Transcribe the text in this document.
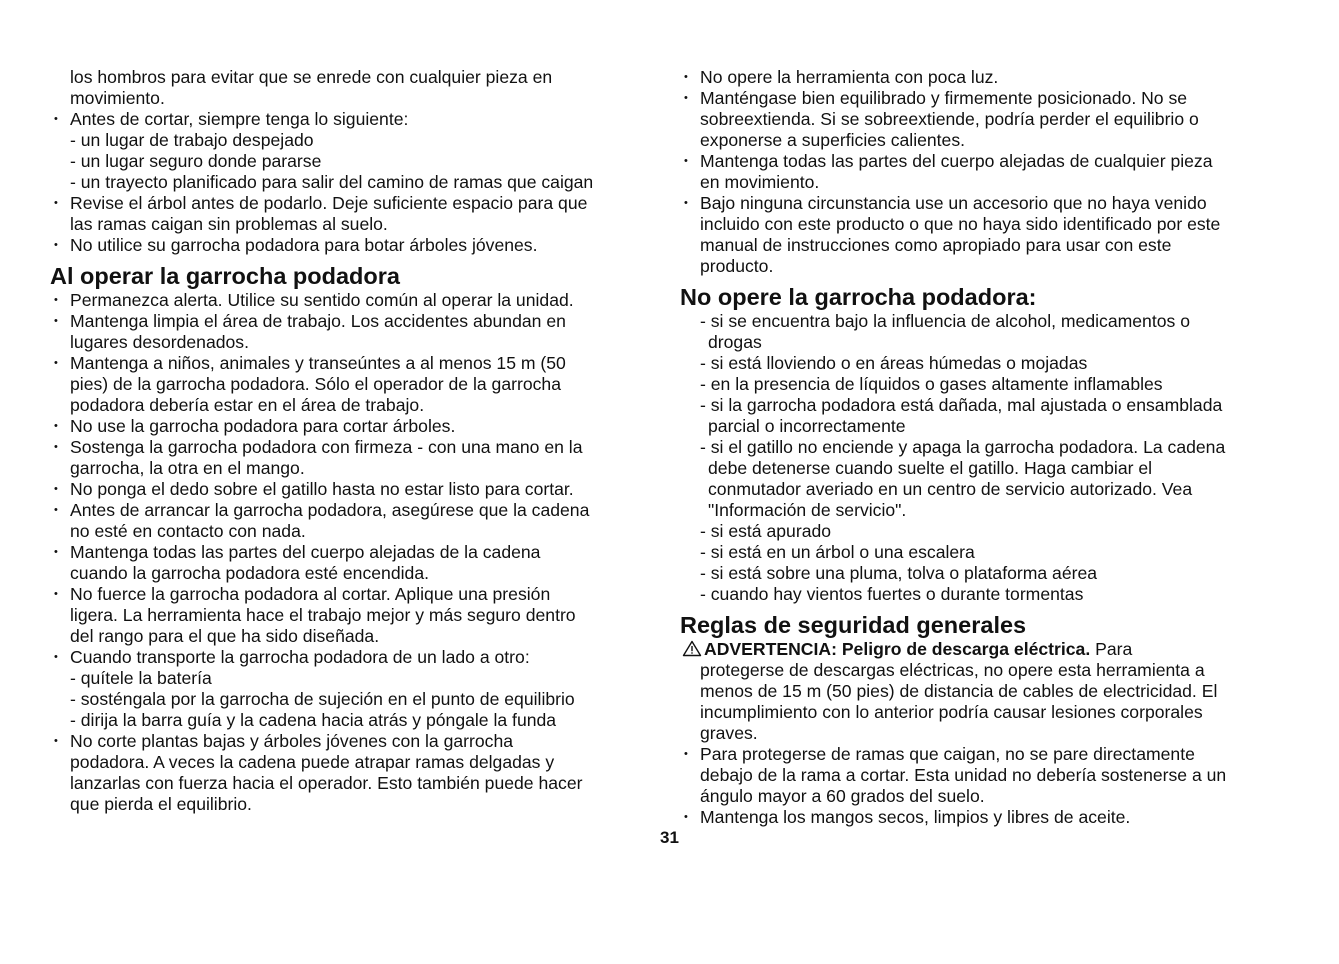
los hombros para evitar que se enrede con cualquier pieza en
movimiento.
• Antes de cortar, siempre tenga lo siguiente:
- un lugar de trabajo despejado
- un lugar seguro donde pararse
- un trayecto planificado para salir del camino de ramas que caigan
• Revise el árbol antes de podarlo. Deje suficiente espacio para que
las ramas caigan sin problemas al suelo.
• No utilice su garrocha podadora para botar árboles jóvenes.
Al operar la garrocha podadora
• Permanezca alerta. Utilice su sentido común al operar la unidad.
• Mantenga limpia el área de trabajo. Los accidentes abundan en
lugares desordenados.
• Mantenga a niños, animales y transeúntes a al menos 15 m (50
pies) de la garrocha podadora. Sólo el operador de la garrocha
podadora debería estar en el área de trabajo.
• No use la garrocha podadora para cortar árboles.
• Sostenga la garrocha podadora con firmeza - con una mano en la
garrocha, la otra en el mango.
• No ponga el dedo sobre el gatillo hasta no estar listo para cortar.
• Antes de arrancar la garrocha podadora, asegúrese que la cadena
no esté en contacto con nada.
• Mantenga todas las partes del cuerpo alejadas de la cadena
cuando la garrocha podadora esté encendida.
• No fuerce la garrocha podadora al cortar. Aplique una presión
ligera. La herramienta hace el trabajo mejor y más seguro dentro
del rango para el que ha sido diseñada.
• Cuando transporte la garrocha podadora de un lado a otro:
- quítele la batería
- sosténgala por la garrocha de sujeción en el punto de equilibrio
- dirija la barra guía y la cadena hacia atrás y póngale la funda
• No corte plantas bajas y árboles jóvenes con la garrocha
podadora. A veces la cadena puede atrapar ramas delgadas y
lanzarlas con fuerza hacia el operador. Esto también puede hacer
que pierda el equilibrio.
• No opere la herramienta con poca luz.
• Manténgase bien equilibrado y firmemente posicionado. No se
sobreextienda. Si se sobreextiende, podría perder el equilibrio o
exponerse a superficies calientes.
• Mantenga todas las partes del cuerpo alejadas de cualquier pieza
en movimiento.
• Bajo ninguna circunstancia use un accesorio que no haya venido
incluido con este producto o que no haya sido identificado por este
manual de instrucciones como apropiado para usar con este
producto.
No opere la garrocha podadora:
- si se encuentra bajo la influencia de alcohol, medicamentos o
drogas
- si está lloviendo o en áreas húmedas o mojadas
- en la presencia de líquidos o gases altamente inflamables
- si la garrocha podadora está dañada, mal ajustada o ensamblada
parcial o incorrectamente
- si el gatillo no enciende y apaga la garrocha podadora. La cadena
debe detenerse cuando suelte el gatillo. Haga cambiar el
conmutador averiado en un centro de servicio autorizado. Vea
"Información de servicio".
- si está apurado
- si está en un árbol o una escalera
- si está sobre una pluma, tolva o plataforma aérea
- cuando hay vientos fuertes o durante tormentas
Reglas de seguridad generales
ADVERTENCIA: Peligro de descarga eléctrica. Para
protegerse de descargas eléctricas, no opere esta herramienta a
menos de 15 m (50 pies) de distancia de cables de electricidad. El
incumplimiento con lo anterior podría causar lesiones corporales
graves.
• Para protegerse de ramas que caigan, no se pare directamente
debajo de la rama a cortar. Esta unidad no debería sostenerse a un
ángulo mayor a 60 grados del suelo.
• Mantenga los mangos secos, limpios y libres de aceite.
31
